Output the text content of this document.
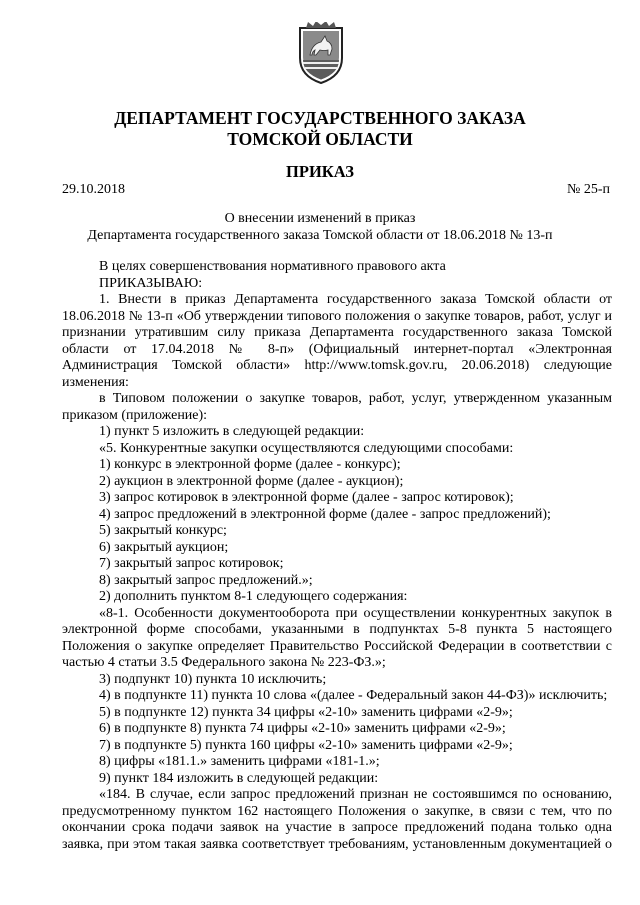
ДЕПАРТАМЕНТ ГОСУДАРСТВЕННОГО ЗАКАЗА
ТОМСКОЙ ОБЛАСТИ
ПРИКАЗ
29.10.2018	№ 25-п
О внесении изменений в приказ
Департамента государственного заказа Томской области от 18.06.2018 № 13-п

В целях совершенствования нормативного правового акта

ПРИКАЗЫВАЮ:

1. Внести в приказ Департамента государственного заказа Томской области от 18.06.2018 № 13-п «Об утверждении типового положения о закупке товаров, работ, услуг и признании утратившим силу приказа Департамента государственного заказа Томской области от 17.04.2018 № 8-п» (Официальный интернет-портал «Электронная Администрация Томской области» http://www.tomsk.gov.ru, 20.06.2018) следующие изменения:

в Типовом положении о закупке товаров, работ, услуг, утвержденном указанным приказом (приложение):

1) пункт 5 изложить в следующей редакции:

«5. Конкурентные закупки осуществляются следующими способами:

1) конкурс в электронной форме (далее - конкурс);

2) аукцион в электронной форме (далее - аукцион);

3) запрос котировок в электронной форме (далее - запрос котировок);

4) запрос предложений в электронной форме (далее - запрос предложений);

5) закрытый конкурс;

6) закрытый аукцион;

7) закрытый запрос котировок;

8) закрытый запрос предложений.»;

2) дополнить пунктом 8-1 следующего содержания:

«8-1. Особенности документооборота при осуществлении конкурентных закупок в электронной форме способами, указанными в подпунктах 5-8 пункта 5 настоящего Положения о закупке определяет Правительство Российской Федерации в соответствии с частью 4 статьи 3.5 Федерального закона № 223-ФЗ.»;

3) подпункт 10) пункта 10 исключить;

4) в подпункте 11) пункта 10 слова «(далее - Федеральный закон 44-ФЗ)» исключить;

5) в подпункте 12) пункта 34 цифры «2-10» заменить цифрами «2-9»;

6) в подпункте 8) пункта 74 цифры «2-10» заменить цифрами «2-9»;

7) в подпункте 5) пункта 160 цифры «2-10» заменить цифрами «2-9»;

8) цифры «181.1.» заменить цифрами «181-1.»;

9) пункт 184 изложить в следующей редакции:

«184. В случае, если запрос предложений признан не состоявшимся по основанию, предусмотренному пунктом 162 настоящего Положения о закупке, в связи с тем, что по окончании срока подачи заявок на участие в запросе предложений подана только одна заявка, при этом такая заявка соответствует требованиям, установленным документацией о
